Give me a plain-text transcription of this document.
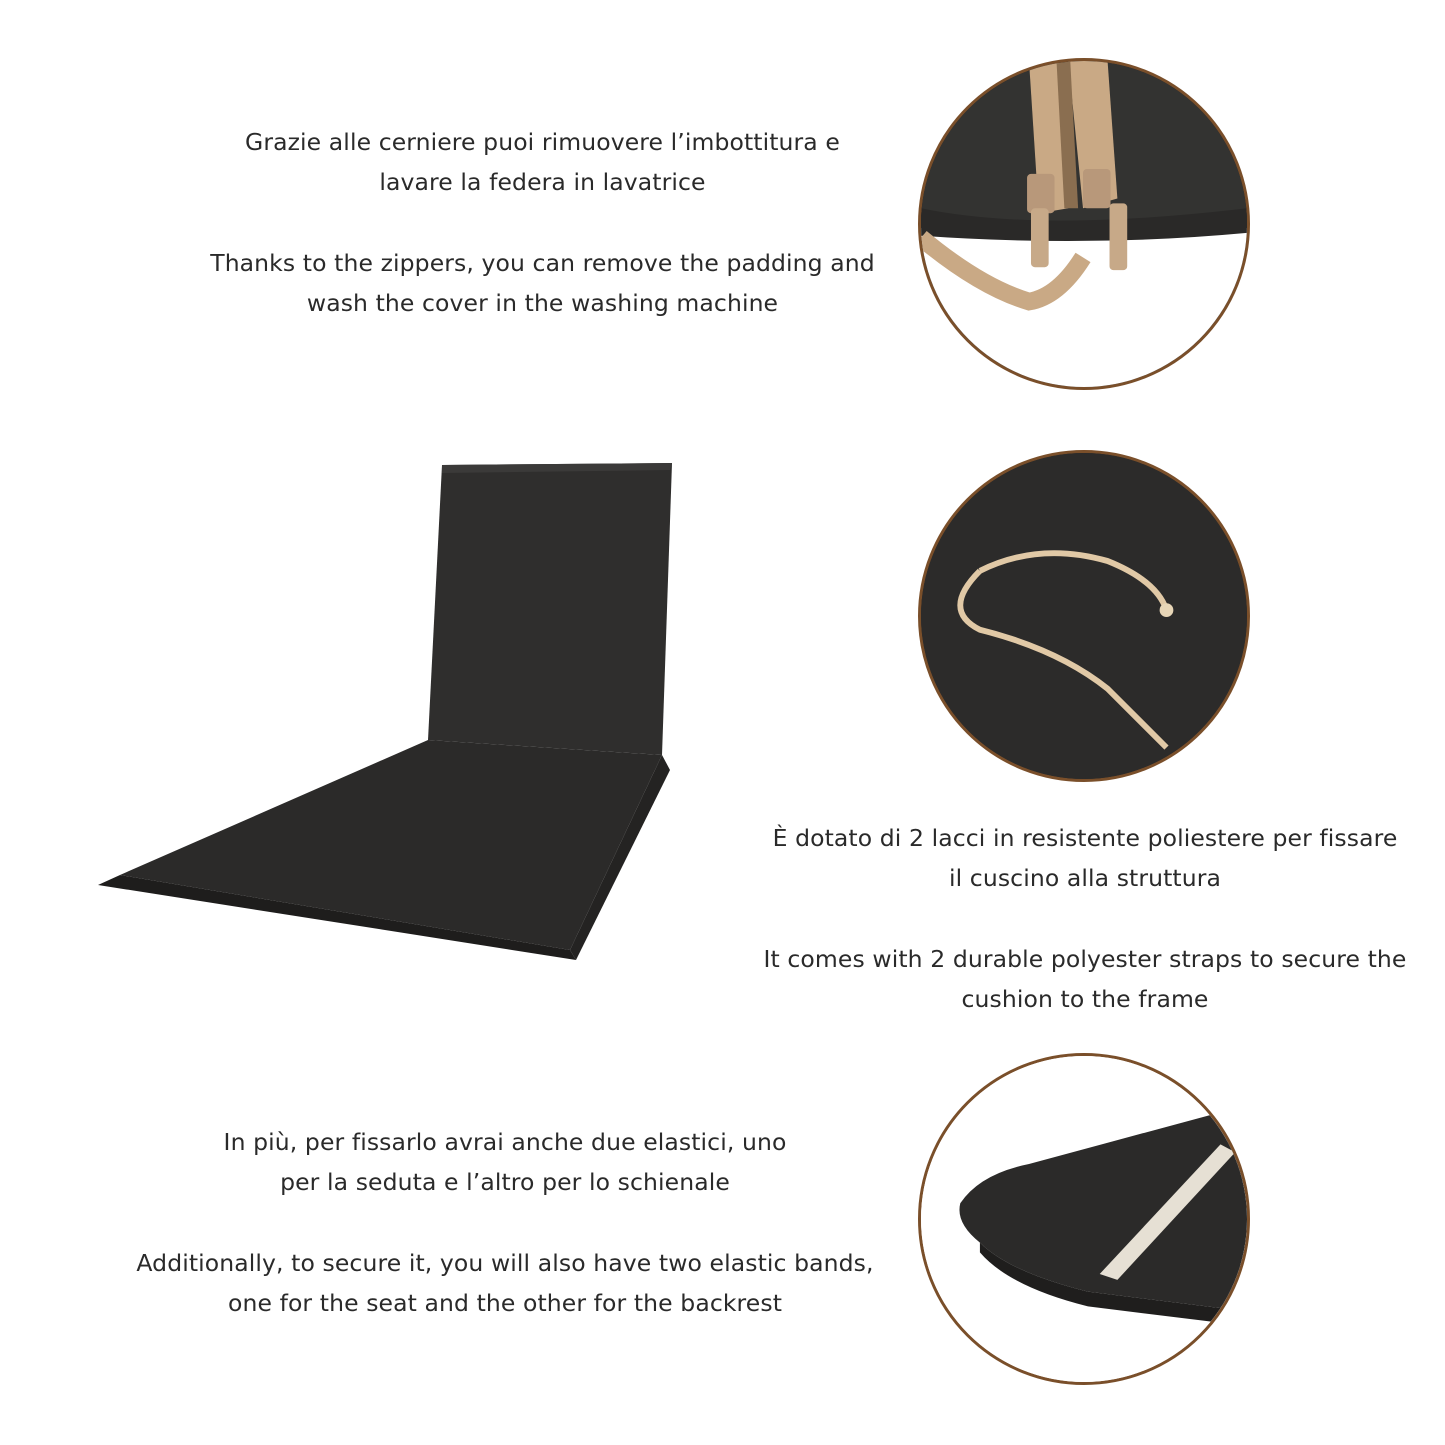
Grazie alle cerniere puoi rimuovere l’imbottitura e

lavare la federa in lavatrice

Thanks to the zippers, you can remove the padding and

wash the cover in the washing machine

È dotato di 2 lacci in resistente poliestere per fissare

il cuscino alla struttura

It comes with 2 durable polyester straps to secure the

cushion to the frame

In più, per fissarlo avrai anche due elastici, uno

per la seduta e l’altro per lo schienale

Additionally, to secure it, you will also have two elastic bands,

one for the seat and the other for the backrest
